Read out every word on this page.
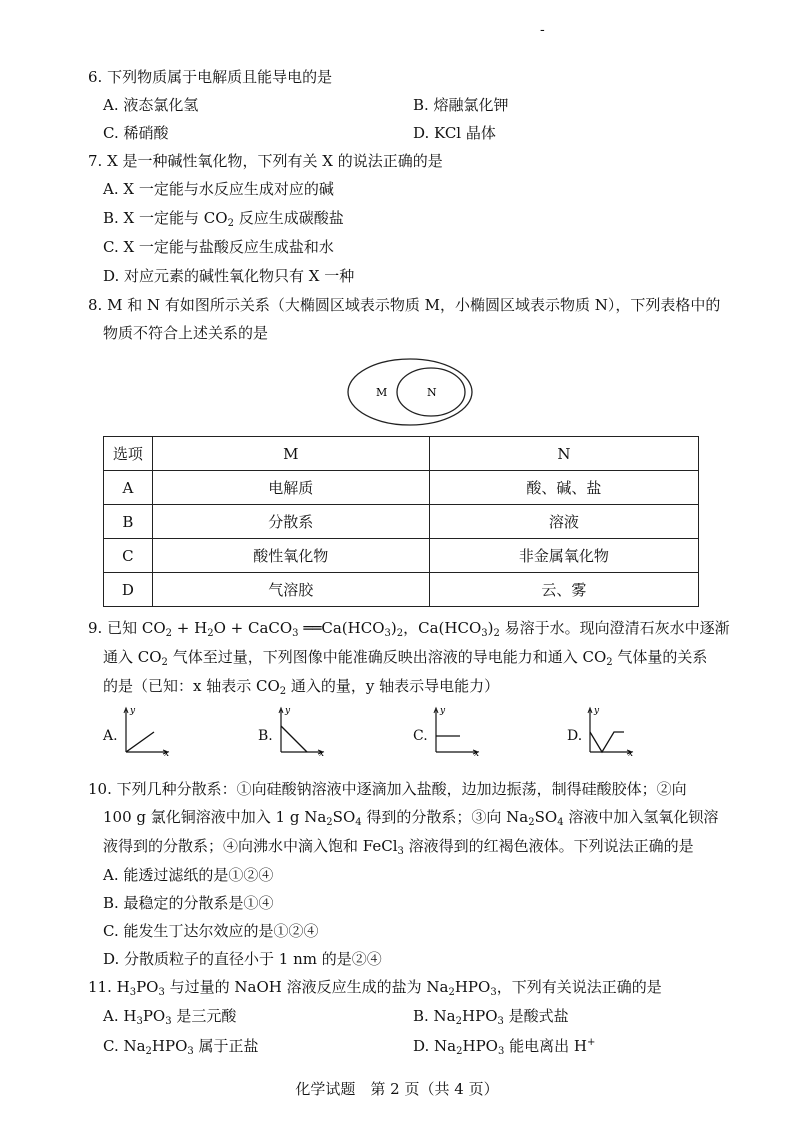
-
6. 下列物质属于电解质且能导电的是
A. 液态氯化氢	B. 熔融氯化钾
C. 稀硝酸	D. KCl 晶体
7. X 是一种碱性氧化物，下列有关 X 的说法正确的是
A. X 一定能与水反应生成对应的碱
B. X 一定能与 $CO_2$ 反应生成碳酸盐
C. X 一定能与盐酸反应生成盐和水
D. 对应元素的碱性氧化物只有 X 一种
8. M 和 N 有如图所示关系（大椭圆区域表示物质 M，小椭圆区域表示物质 N），下列表格中的
物质不符合上述关系的是
M	N
选项	M	N
A	电解质	酸、碱、盐
B	分散系	溶液
C	酸性氧化物	非金属氧化物
D	气溶胶	云、雾
9. 已知 $CO_2 + H_2O$ + CaCO$_3$ $══Ca(HCO_3)_2$，$Ca(HCO_3)_2$ 易溶于水。现向澄清石灰水中逐渐
通入 $CO_2$ 气体至过量，下列图像中能准确反映出溶液的导电能力和通入 $CO_2$ 气体量的关系
的是（已知：x 轴表示 $CO_2$ 通入的量，y 轴表示导电能力）
A.
y
x
B.
y
x
C.
y
x
D.
y
x
10. 下列几种分散系：①向硅酸钠溶液中逐滴加入盐酸，边加边振荡，制得硅酸胶体；②向
100 g 氯化铜溶液中加入 1 g $Na_2SO_4$ 得到的分散系；③向 $Na_2SO_4$ 溶液中加入氢氧化钡溶
液得到的分散系；④向沸水中滴入饱和 FeCl$_3$ 溶液得到的红褐色液体。下列说法正确的是
A. 能透过滤纸的是①②④
B. 最稳定的分散系是①④
C. 能发生丁达尔效应的是①②④
D. 分散质粒子的直径小于 1 nm 的是②④
11. $H_3PO_3$ 与过量的 NaOH 溶液反应生成的盐为 $Na_2HPO_3$，下列有关说法正确的是
A. $H_3PO_3$ 是三元酸	B. $Na_2HPO_3$ 是酸式盐
C. $Na_2HPO_3$ 属于正盐	D. $Na_2HPO_3$ 能电离出 H+
化学试题　第 2 页（共 4 页）
